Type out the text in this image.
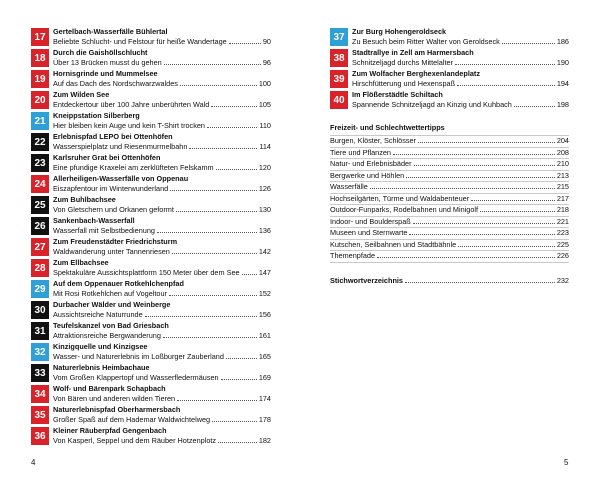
17
Gertelbach-Wasserfälle Bühlertal
Beliebte Schlucht- und Felstour für heiße Wandertage	90
18
Durch die Gaishöllschlucht
Über 13 Brücken musst du gehen	96
19
Hornisgrinde und Mummelsee
Auf das Dach des Nordschwarzwaldes	100
20
Zum Wilden See
Entdeckertour über 100 Jahre unberührten Wald	105
21
Kneippstation Silberberg
Hier bleiben kein Auge und kein T-Shirt trocken	110
22
Erlebnispfad LEPO bei Ottenhöfen
Wasserspielplatz und Riesenmurmelbahn	114
23
Karlsruher Grat bei Ottenhöfen
Eine pfundige Kraxelei am zerklüfteten Felskamm	120
24
Allerheiligen-Wasserfälle von Oppenau
Eiszapfentour im Winterwunderland	126
25
Zum Buhlbachsee
Von Gletschern und Orkanen geformt	130
26
Sankenbach-Wasserfall
Wasserfall mit Selbstbedienung	136
27
Zum Freudenstädter Friedrichsturm
Waldwanderung unter Tannenriesen	142
28
Zum Ellbachsee
Spektakuläre Aussichtsplattform 150 Meter über dem See	147
29
Auf dem Oppenauer Rotkehlchenpfad
Mit Rosi Rotkehlchen auf Vogeltour	152
30
Durbacher Wälder und Weinberge
Aussichtsreiche Naturrunde	156
31
Teufelskanzel von Bad Griesbach
Attraktionsreiche Bergwanderung	161
32
Kinzigquelle und Kinzigsee
Wasser- und Naturerlebnis im Loßburger Zauberland	165
33
Naturerlebnis Heimbachaue
Vom Großen Klappertopf und Wasserfledermäusen	169
34
Wolf- und Bärenpark Schapbach
Von Bären und anderen wilden Tieren	174
35
Naturerlebnispfad Oberharmersbach
Großer Spaß auf dem Hademar Waldwichtelweg	178
36
Kleiner Räuberpfad Gengenbach
Von Kasperl, Seppel und dem Räuber Hotzenplotz	182
37
Zur Burg Hohengeroldseck
Zu Besuch beim Ritter Walter von Geroldseck	186
38
Stadtrallye in Zell am Harmersbach
Schnitzeljagd durchs Mittelalter	190
39
Zum Wolfacher Berghexenlandeplatz
Hirschfütterung und Hexenspaß	194
40
Im Flößerstädtle Schiltach
Spannende Schnitzeljagd an Kinzig und Kuhbach	198
Freizeit- und Schlechtwettertipps
Burgen, Klöster, Schlösser	204
Tiere und Pflanzen	208
Natur- und Erlebnisbäder	210
Bergwerke und Höhlen	213
Wasserfälle	215
Hochseilgärten, Türme und Waldabenteuer	217
Outdoor-Funparks, Rodelbahnen und Minigolf	218
Indoor- und Boulderspaß	221
Museen und Sternwarte	223
Kutschen, Seilbahnen und Stadtbähnle	225
Themenpfade	226
Stichwortverzeichnis	232
4	5
